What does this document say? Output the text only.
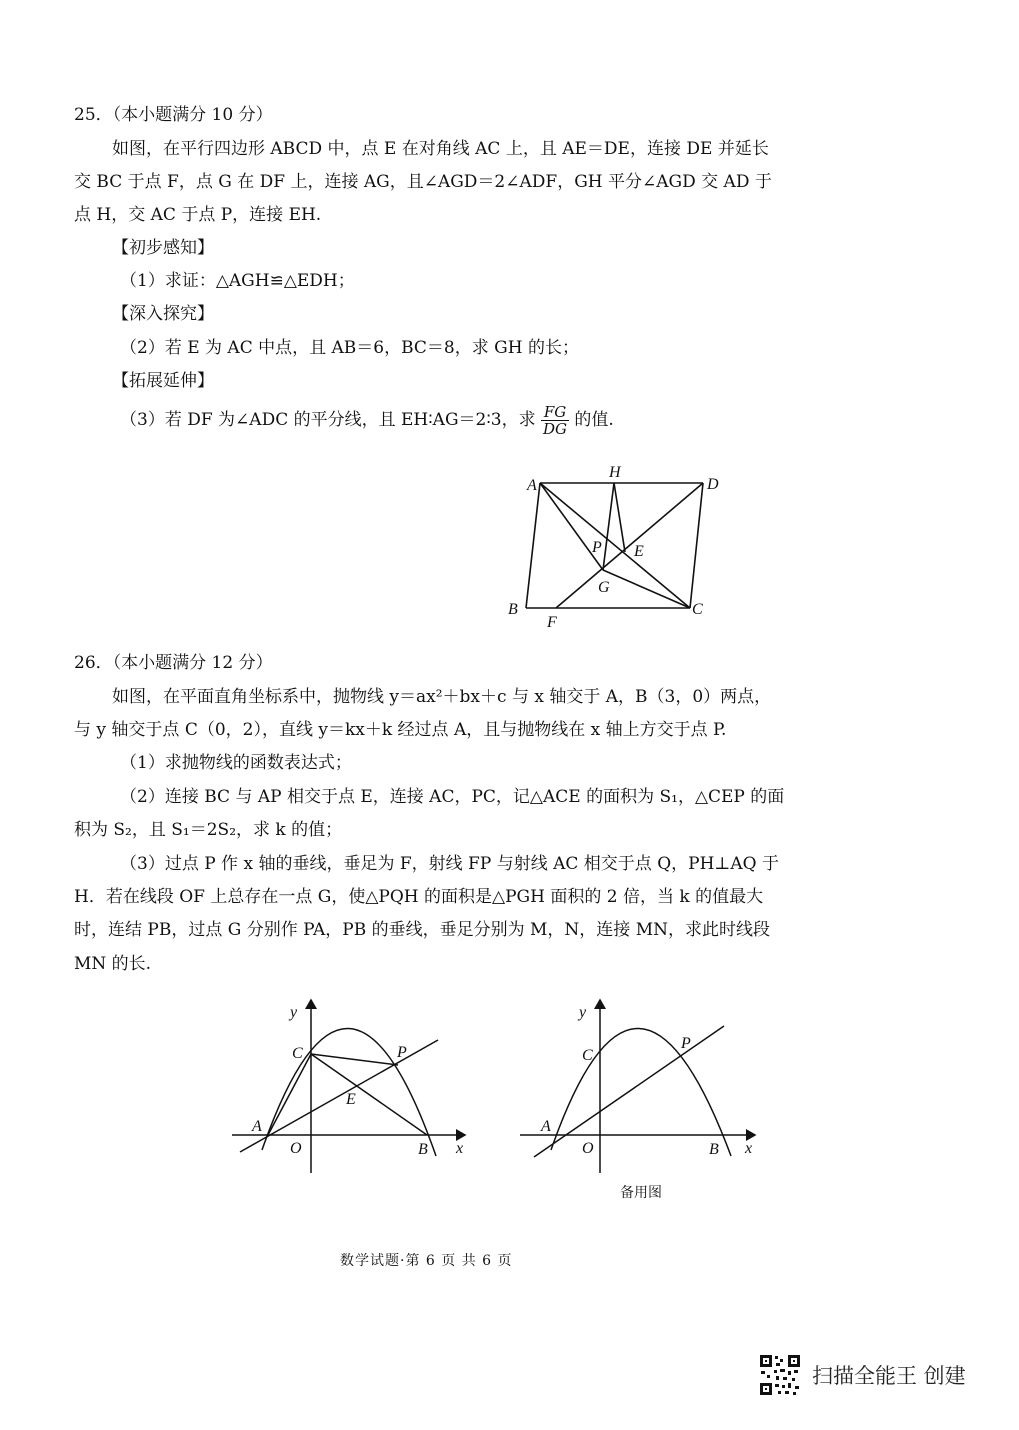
25．（本小题满分 10 分）
如图，在平行四边形 ABCD 中，点 E 在对角线 AC 上，且 AE＝DE，连接 DE 并延长
交 BC 于点 F，点 G 在 DF 上，连接 AG，且∠AGD＝2∠ADF，GH 平分∠AGD 交 AD 于
点 H，交 AC 于点 P，连接 EH.
【初步感知】
（1）求证：△AGH≌△EDH；
【深入探究】
（2）若 E 为 AC 中点，且 AB＝6，BC＝8，求 GH 的长；
【拓展延伸】
（3）若 DF 为∠ADC 的平分线，且 EH∶AG＝2∶3，求 $\frac{FG}{DG}$ 的值.
A
H
D
P E
G
B
F
C
26．（本小题满分 12 分）
如图，在平面直角坐标系中，抛物线 y＝ax²＋bx＋c 与 x 轴交于 A，B（3，0）两点，
与 y 轴交于点 C（0，2），直线 y＝kx＋k 经过点 A，且与抛物线在 x 轴上方交于点 P.
（1）求抛物线的函数表达式；
（2）连接 BC 与 AP 相交于点 E，连接 AC，PC，记△ACE 的面积为 S₁，△CEP 的面
积为 S₂，且 S₁＝2S₂，求 k 的值；
（3）过点 P 作 x 轴的垂线，垂足为 F，射线 FP 与射线 AC 相交于点 Q，PH⊥AQ 于
H．若在线段 OF 上总存在一点 G，使△PQH 的面积是△PGH 面积的 2 倍，当 k 的值最大
时，连结 PB，过点 G 分别作 PA，PB 的垂线，垂足分别为 M，N，连接 MN，求此时线段
MN 的长.
y
C	P
E
A
O	B x
y
C
P
A
O	B x
备用图
数学试题·第 6 页 共 6 页
扫描全能王 创建
